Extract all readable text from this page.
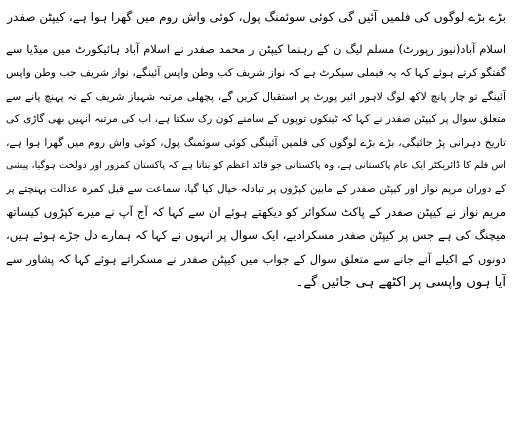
بڑے بڑے لوگوں کی فلمیں آئیں گی کوئی سوئمنگ پول، کوئی واش روم میں گھرا ہوا ہے، کیپٹن صفدر
اسلام آباد(نیوز رپورٹ) مسلم لیگ ن کے رہنما کیپٹن ر محمد صفدر نے اسلام آباد ہائیکورٹ میں میڈیا سے
گفتگو کرتے ہوئے کہا کہ یہ فیملی سیکرٹ ہے کہ نواز شریف کب وطن واپس آئینگے، نواز شریف جب وطن واپس
آئینگے تو چار پانچ لاکھ لوگ لاہور ائیر پورٹ پر استقبال کریں گے، پچھلی مرتبہ شہباز شریف کے نہ پہنچ پانے سے
متعلق سوال پر کیپٹن صفدر نے کہا کہ ٹینکوں توپوں کے سامنے کون رک سکتا ہے، اب کی مرتبہ انہیں بھی گاڑی کی
تاریخ دہرانی پڑ جائیگی، بڑے بڑے لوگوں کی فلمیں آئینگی کوئی سوئمنگ پول، کوئی واش روم میں گھرا ہوا ہے،
اس فلم کا ڈائریکٹر ایک عام پاکستانی ہے، وہ پاکستانی جو قائد اعظم کو بتاتا ہے کہ پاکستان کمزور اور دولخت ہوگیا، پیشی
کے دوران مریم نواز اور کیپٹن صفدر کے مابین کپڑوں پر تبادلہ خیال کیا گیا، سماعت سے قبل کمرہ عدالت پہنچتے پر
مریم نواز نے کیپٹن صفدر کے پاکٹ سکوائر کو دیکھتے ہوئے ان سے کہا کہ آج آپ نے میرے کپڑوں کیساتھ
میچنگ کی ہے جس پر کیپٹن صفدر مسکرادیے، ایک سوال پر انہوں نے کہا کہ ہمارے دل جڑے ہوئے ہیں،
دونوں کے اکیلے آنے جانے سے متعلق سوال کے جواب میں کیپٹن صفدر نے مسکراتے ہوئے کہا کہ پشاور سے
آیا ہوں واپسی پر اکٹھے ہی جائیں گے۔
